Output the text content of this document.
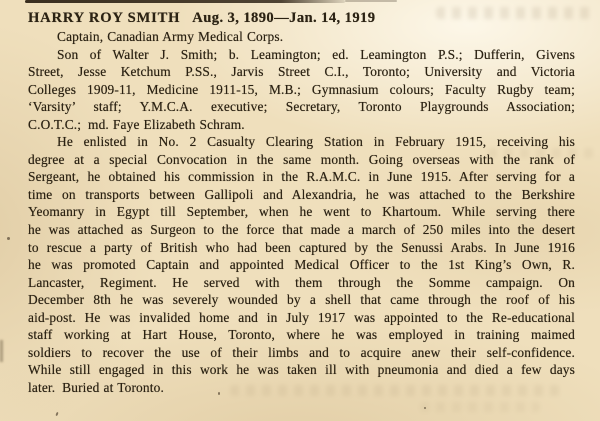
HARRY ROY SMITH Aug. 3, 1890—Jan. 14, 1919
Captain, Canadian Army Medical Corps.
Son of Walter J. Smith; b. Leamington; ed. Leamington P.S.; Dufferin, Givens
Street, Jesse Ketchum P.SS., Jarvis Street C.I., Toronto; University and Victoria
Colleges 1909-11, Medicine 1911-15, M.B.; Gymnasium colours; Faculty Rugby team;
‘Varsity’ staff; Y.M.C.A. executive; Secretary, Toronto Playgrounds Association;
C.O.T.C.; md. Faye Elizabeth Schram.
He enlisted in No. 2 Casualty Clearing Station in February 1915, receiving his
degree at a special Convocation in the same month. Going overseas with the rank of
Sergeant, he obtained his commission in the R.A.M.C. in June 1915. After serving for a
time on transports between Gallipoli and Alexandria, he was attached to the Berkshire
Yeomanry in Egypt till September, when he went to Khartoum. While serving there
he was attached as Surgeon to the force that made a march of 250 miles into the desert
to rescue a party of British who had been captured by the Senussi Arabs. In June 1916
he was promoted Captain and appointed Medical Officer to the 1st King’s Own, R.
Lancaster, Regiment. He served with them through the Somme campaign. On
December 8th he was severely wounded by a shell that came through the roof of his
aid-post. He was invalided home and in July 1917 was appointed to the Re-educational
staff working at Hart House, Toronto, where he was employed in training maimed
soldiers to recover the use of their limbs and to acquire anew their self-confidence.
While still engaged in this work he was taken ill with pneumonia and died a few days
later. Buried at Toronto.
